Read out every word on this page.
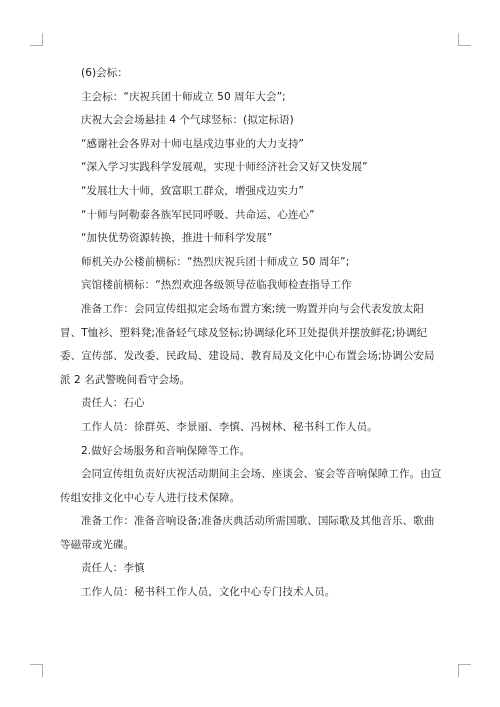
(6)会标：

主会标：“庆祝兵团十师成立 50 周年大会”;

庆祝大会会场悬挂 4 个气球竖标：(拟定标语)

“感谢社会各界对十师屯垦戍边事业的大力支持”

“深入学习实践科学发展观，实现十师经济社会又好又快发展”

“发展壮大十师，致富职工群众，增强戍边实力”

“十师与阿勒泰各族军民同呼吸、共命运、心连心”

“加快优势资源转换，推进十师科学发展”

师机关办公楼前横标：“热烈庆祝兵团十师成立 50 周年”;

宾馆楼前横标：“热烈欢迎各级领导莅临我师检查指导工作

准备工作：会同宣传组拟定会场布置方案;统一购置并向与会代表发放太阳冒、T恤衫、塑料凳;准备轻气球及竖标;协调绿化环卫处提供并摆放鲜花;协调纪委、宣传部、发改委、民政局、建设局、教育局及文化中心布置会场;协调公安局派 2 名武警晚间看守会场。

责任人：石心

工作人员：徐群英、李景丽、李慎、冯树林、秘书科工作人员。

2.做好会场服务和音响保障等工作。

会同宣传组负责好庆祝活动期间主会场、座谈会、宴会等音响保障工作。由宣传组安排文化中心专人进行技术保障。

准备工作：准备音响设备;准备庆典活动所需国歌、国际歌及其他音乐、歌曲等磁带或光碟。

责任人：李慎

工作人员：秘书科工作人员，文化中心专门技术人员。
